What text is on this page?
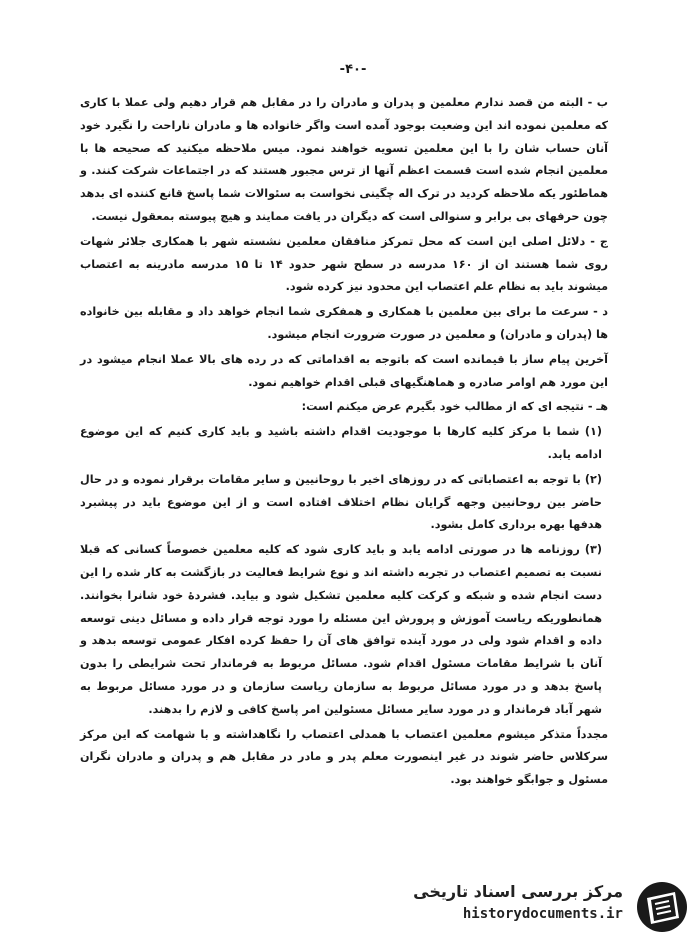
-۴۰-

ب - البته من قصد ندارم معلمین و پدران و مادران را در مقابل هم قرار دهیم ولی عملا با کاری که معلمین نموده اند این وضعیت بوجود آمده است واگر خانواده ها و مادران ناراحت را نگیرد خود آنان حساب شان را با این معلمین تسویه خواهند نمود. میس ملاحظه میکنید که صحیحه ها با معلمین انجام شده است قسمت اعظم آنها از ترس مجبور هستند که در اجتماعات شرکت کنند. و هماطئور یکه ملاحظه کردید در ترک اله چگینی نخواست به سئوالات شما پاسخ قانع کننده ای بدهد چون حرفهای بی برابر و سنوالی است که دیگران در یافت ممایند و هیچ پیوسته بمعقول نیست.

ج - دلائل اصلی این است که محل تمرکز منافقان معلمین نشسته شهر با همکاری جلائر شهات روی شما هستند ان از ۱۶۰ مدرسه در سطح شهر حدود ۱۴ تا ۱۵ مدرسه مادرینه به اعتصاب میشوند باید به نظام علم اعتصاب این محدود نیز کرده شود.

د - سرعت ما برای بین معلمین با همکاری و همفکری شما انجام خواهد داد و مقابله بین خانواده ها (پدران و مادران) و معلمین در صورت ضرورت انجام میشود.

آخرین پیام ساز با قیمانده است که باتوجه به اقداماتی که در رده های بالا عملا انجام میشود در این مورد هم اوامر صادره و هماهنگیهای قبلی اقدام خواهیم نمود.

هـ - نتیجه ای که از مطالب خود بگیرم عرض میکنم است:

(۱) شما با مرکز کلیه کارها با موجودیت اقدام داشته باشید و باید کاری کنیم که این موضوع ادامه یابد.

(۲) با توجه به اعتصاباتی که در روزهای اخیر با روحانیین و سایر مقامات برقرار نموده و در حال حاضر بین روحانیین وجهه گرایان نظام اختلاف افتاده است و از این موضوع باید در پیشبرد هدفها بهره برداری کامل بشود.

(۳) روزنامه ها در صورتی ادامه یابد و باید کاری شود که کلیه معلمین خصوصاً کسانی که قبلا نسبت به تصمیم اعتصاب در تجربه داشته اند و نوع شرایط فعالیت در بازگشت به کار شده را این دست انجام شده و شبکه و کرکت کلیه معلمین تشکیل شود و بیاید. فشردهٔ خود شانرا بخوانند. همانطوریکه ریاست آموزش و پرورش این مسئله را مورد توجه قرار داده و مسائل دینی توسعه داده و اقدام شود ولی در مورد آینده توافق های آن را حفظ کرده افکار عمومی توسعه بدهد و آنان با شرایط مقامات مسئول اقدام شود. مسائل مربوط به فرماندار تحت شرایطی را بدون پاسخ بدهد و در مورد مسائل مربوط به سازمان ریاست سازمان و در مورد مسائل مربوط به شهر آباد فرماندار و در مورد سایر مسائل مسئولین امر پاسخ کافی و لازم را بدهند.

مجدداً متذکر میشوم معلمین اعتصاب با همدلی اعتصاب را نگاهداشته و با شهامت که این مرکز سرکلاس حاضر شوند در غیر اینصورت معلم پدر و مادر در مقابل هم و پدران و مادران نگران مسئول و جوابگو خواهند بود.

مرکز بررسی اسناد تاریخی
historydocuments.ir
